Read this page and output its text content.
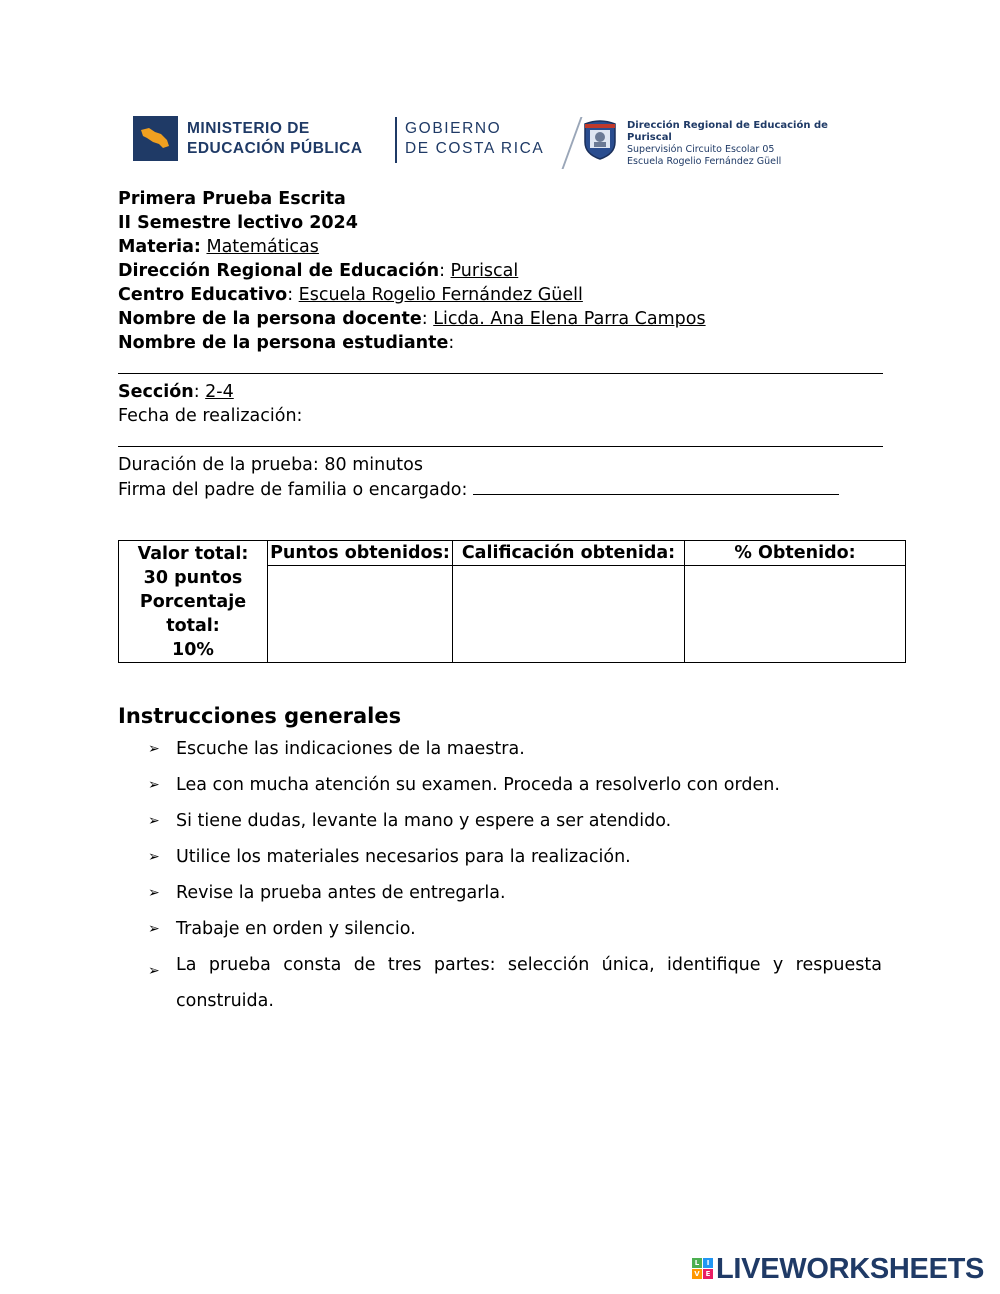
MINISTERIO DE
EDUCACIÓN PÚBLICA
GOBIERNO
DE COSTA RICA
Dirección Regional de Educación de Puriscal
Supervisión Circuito Escolar 05
Escuela Rogelio Fernández Güell
Primera Prueba Escrita
II Semestre lectivo 2024
Materia: Matemáticas
Dirección Regional de Educación: Puriscal
Centro Educativo: Escuela Rogelio Fernández Güell
Nombre de la persona docente: Licda. Ana Elena Parra Campos
Nombre de la persona estudiante:
Sección: 2-4
Fecha de realización:
Duración de la prueba: 80 minutos
Firma del padre de familia o encargado:
Valor total:
30 puntos
Porcentaje
total:
10%	Puntos obtenidos:	Calificación obtenida:	% Obtenido:

Instrucciones generales
➢ Escuche las indicaciones de la maestra.
➢ Lea con mucha atención su examen. Proceda a resolverlo con orden.
➢ Si tiene dudas, levante la mano y espere a ser atendido.
➢ Utilice los materiales necesarios para la realización.
➢ Revise la prueba antes de entregarla.
➢ Trabaje en orden y silencio.
➢ La prueba consta de tres partes: selección única, identifique y respuesta construida.
L	I
V E LIVEWORKSHEETS
